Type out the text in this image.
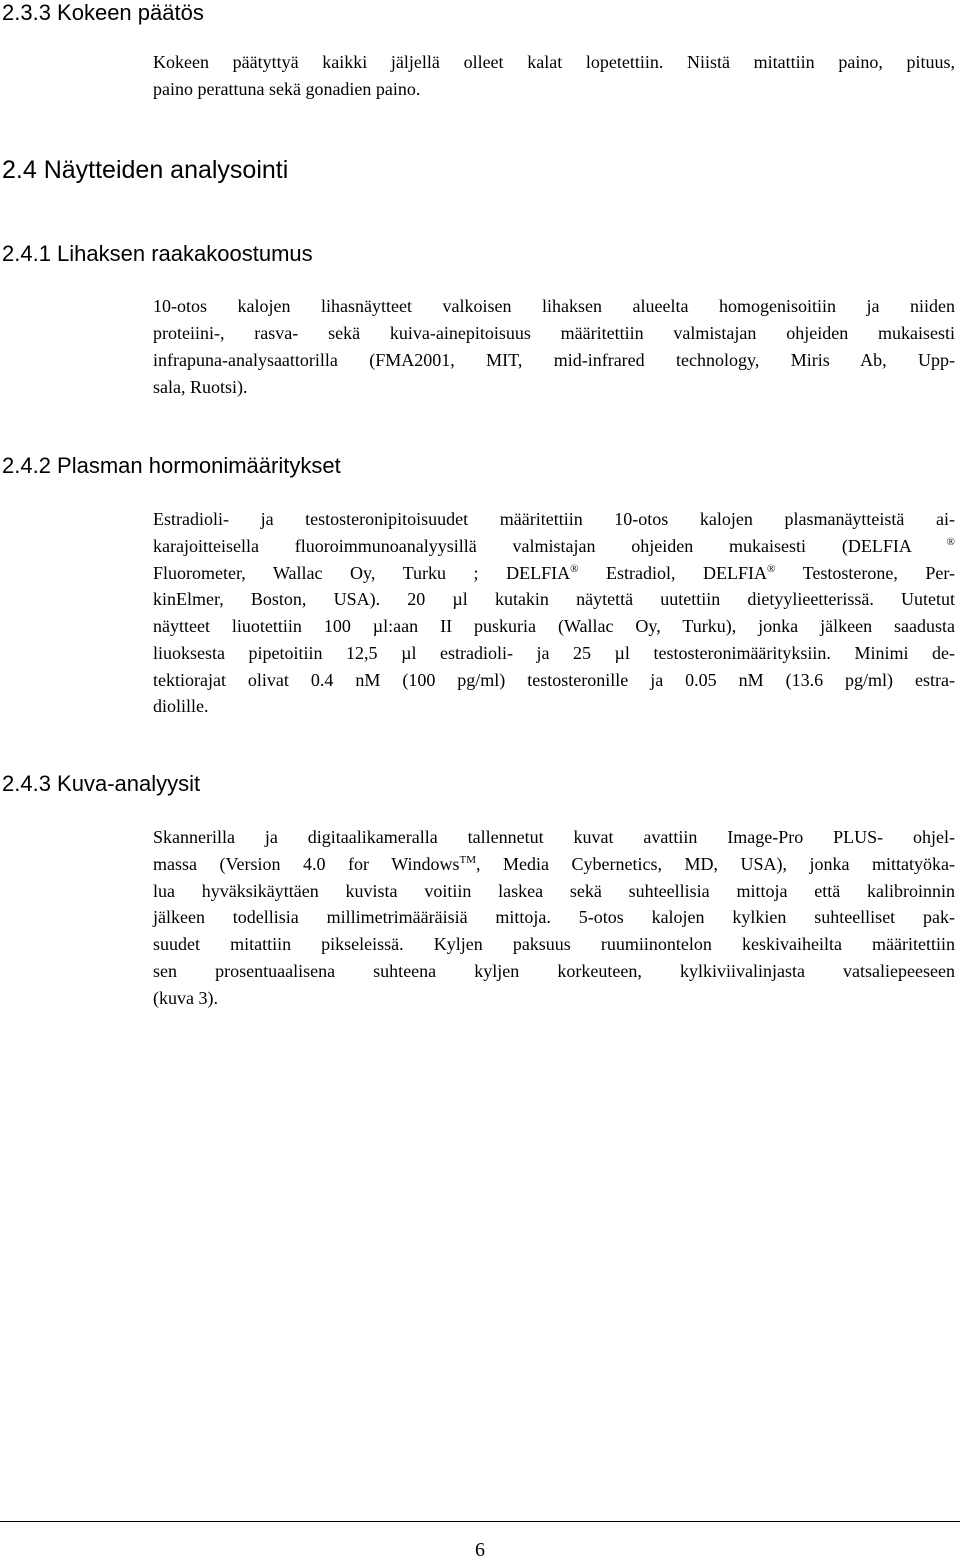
2.3.3 Kokeen päätös
Kokeen päätyttyä kaikki jäljellä olleet kalat lopetettiin. Niistä mitattiin paino, pituus,
paino perattuna sekä gonadien paino.
2.4 Näytteiden analysointi
2.4.1 Lihaksen raakakoostumus
10-otos kalojen lihasnäytteet valkoisen lihaksen alueelta homogenisoitiin ja niiden
proteiini-, rasva- sekä kuiva-ainepitoisuus määritettiin valmistajan ohjeiden mukaisesti
infrapuna-analysaattorilla (FMA2001, MIT, mid-infrared technology, Miris Ab, Upp-
sala, Ruotsi).
2.4.2 Plasman hormonimääritykset
Estradioli- ja testosteronipitoisuudet määritettiin 10-otos kalojen plasmanäytteistä ai-
karajoitteisella fluoroimmunoanalyysillä valmistajan ohjeiden mukaisesti (DELFIA	®
Fluorometer, Wallac Oy, Turku ; DELFIA® Estradiol, DELFIA® Testosterone, Per-
kinElmer, Boston, USA). 20 µl kutakin näytettä uutettiin dietyylieetterissä. Uutetut
näytteet liuotettiin 100 µl:aan II puskuria (Wallac Oy, Turku), jonka jälkeen saadusta
liuoksesta pipetoitiin 12,5 µl estradioli- ja 25 µl testosteronimäärityksiin. Minimi de-
tektiorajat olivat 0.4 nM (100 pg/ml) testosteronille ja 0.05 nM (13.6 pg/ml) estra-
diolille.
2.4.3 Kuva-analyysit
Skannerilla ja digitaalikameralla tallennetut kuvat avattiin Image-Pro PLUS- ohjel-
massa (Version 4.0 for Windows™, Media Cybernetics, MD, USA), jonka mittatyöka-
lua hyväksikäyttäen kuvista voitiin laskea sekä suhteellisia mittoja että kalibroinnin
jälkeen todellisia millimetrimääräisiä mittoja. 5-otos kalojen kylkien suhteelliset pak-
suudet mitattiin pikseleissä. Kyljen paksuus ruumiinontelon keskivaiheilta määritettiin
sen prosentuaalisena suhteena kyljen korkeuteen, kylkiviivalinjasta vatsaliepeeseen
(kuva 3).
6
